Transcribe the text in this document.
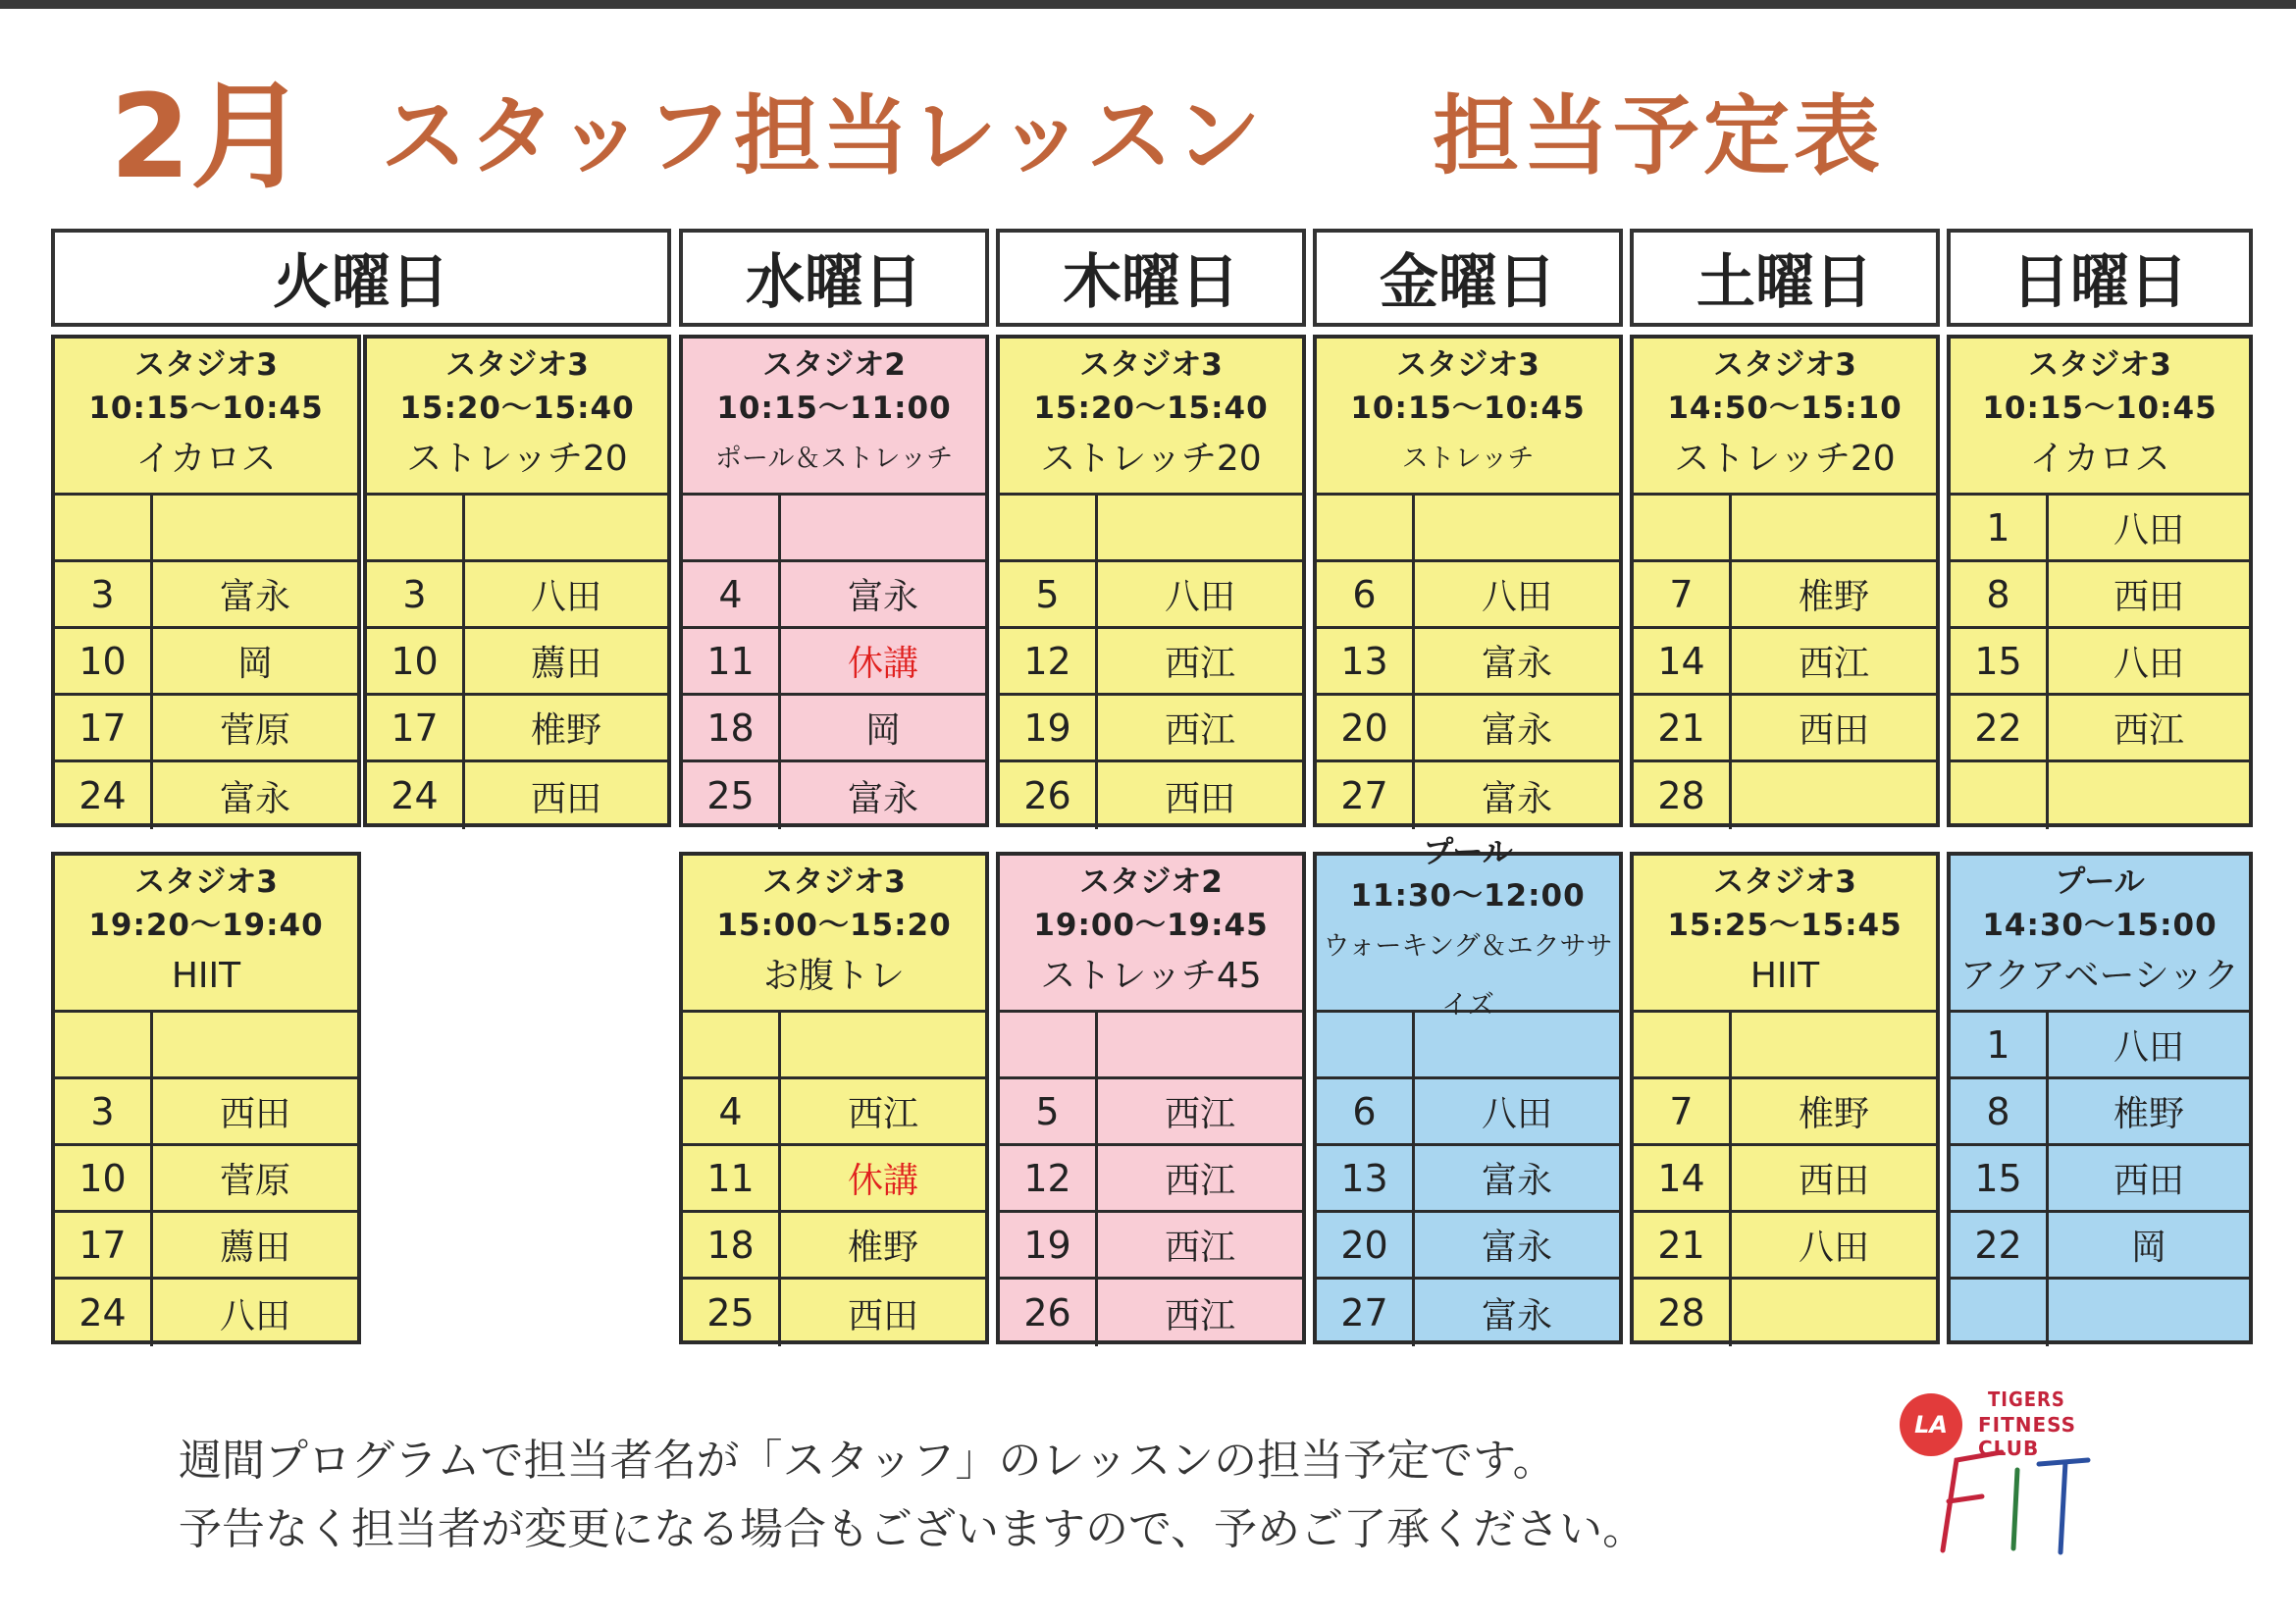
2月 スタッフ担当レッスン 担当予定表
火曜日	水曜日	木曜日	金曜日	土曜日	日曜日
スタジオ3
10:15～10:45
イカロス
3	富永
10	岡
17	菅原
24	富永
スタジオ3
15:20～15:40
ストレッチ20
3	八田
10	薦田
17	椎野
24	西田
スタジオ2
10:15～11:00
ポール＆ストレッチ
4	富永
11	休講
18	岡
25	富永
スタジオ3
15:20～15:40
ストレッチ20
5	八田
12	西江
19	西江
26	西田
スタジオ3
10:15～10:45
ストレッチ
6	八田
13	富永
20	富永
27	富永
スタジオ3
14:50～15:10
ストレッチ20
7	椎野
14	西江
21	西田
28
スタジオ3
10:15～10:45
イカロス
1	八田
8	西田
15	八田
22	西江
スタジオ3
19:20～19:40
HIIT
3	西田
10	菅原
17	薦田
24	八田
スタジオ3
15:00～15:20
お腹トレ
4	西江
11	休講
18	椎野
25	西田
スタジオ2
19:00～19:45
ストレッチ45
5	西江
12	西江
19	西江
26	西江
プール
11:30～12:00
ウォーキング＆エクササイズ
6	八田
13	富永
20	富永
27	富永
スタジオ3
15:25～15:45
HIIT
7	椎野
14	西田
21	八田
28
プール
14:30～15:00
アクアベーシック
1	八田
8	椎野
15	西田
22	岡
週間プログラムで担当者名が「スタッフ」のレッスンの担当予定です。
予告なく担当者が変更になる場合もございますので、予めご了承ください。
LA
TIGERS
FITNESS CLUB
